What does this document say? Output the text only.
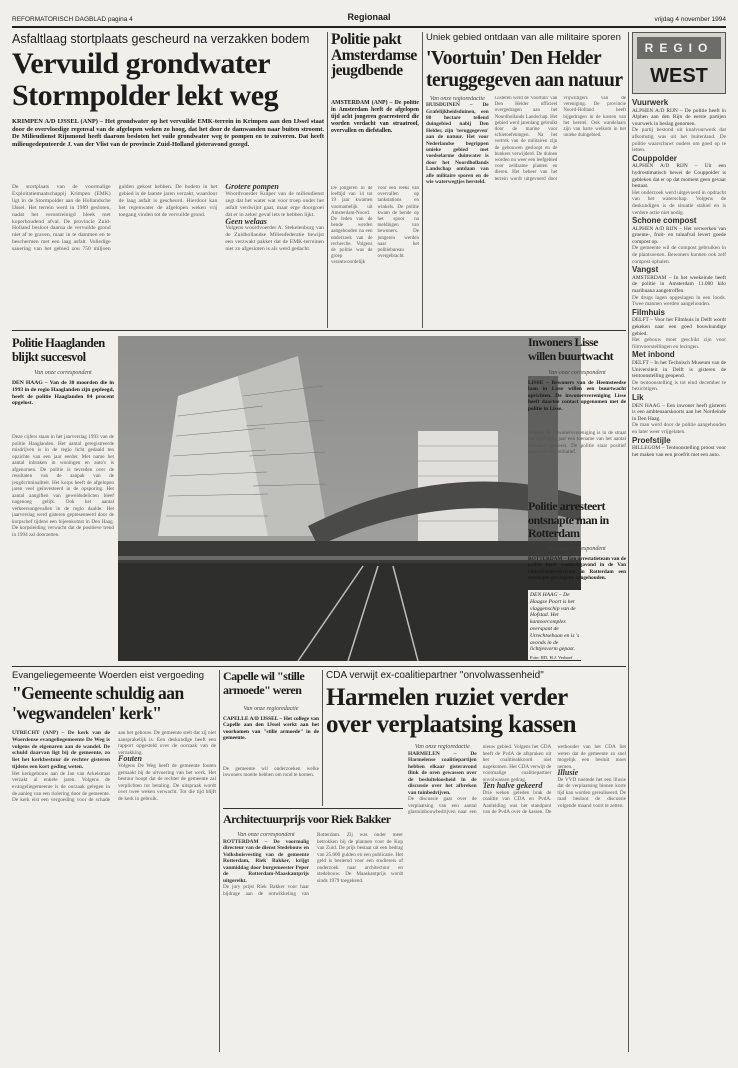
REFORMATORISCH DAGBLAD pagina 4	Regionaal	vrijdag 4 november 1994
Asfaltlaag stortplaats gescheurd na verzakken bodem
Vervuild grondwater
Stormpolder lekt weg
KRIMPEN A/D IJSSEL (ANP) – Het grondwater op het vervuilde EMK-terrein in Krimpen aan den IJssel staat door de overvloedige regenval van de afgelopen weken zo hoog, dat het door de damwanden naar buiten stroomt. De Milieudienst Rijnmond heeft daarom besloten het vuile grondwater weg te pompen en te zuiveren. Dat heeft milieugedeputeerde J. van der Vlist van de provincie Zuid-Holland gisteravond gezegd.
De stortplaats van de voormalige Exploitatiemaatschappij Krimpen (EMK) ligt in de Stormpolder aan de Hollandsche IJssel. Het terrein werd in 1989 gesloten, nadat het verontreinigd bleek met koperhoudend afval. De provincie Zuid-Holland besloot daarna de vervuilde grond niet af te graven, maar in te dammen en te beschermen met een laag asfalt. Volledige sanering van het gebied zou 750 miljoen gulden gekost hebben. De bodem in het gebied is de laatste jaren verzakt, waardoor de laag asfalt is gescheurd. Hierdoor kan het regenwater de afgelopen weken vrij toegang vinden tot de vervuilde grond.
Grotere pompen
Woordvoerder Kuiper van de milieudienst zegt dat het water wat voor troep onder het asfalt verdwijnt gaat, maar erge doorgroei dat er in zeker geval iets te hebben lijkt.
Geen welaas
Volgens woordvoerder A. Stekelenburg van de Zuidhollandse Milieufederatie bewijst een verzwakt pakket dat de EMK-terreinen niet zo afgesloten is als werd gedacht.
Politie pakt Amsterdamse jeugdbende
AMSTERDAM (ANP) – De politie in Amsterdam heeft de afgelopen tijd acht jongeren gearresteerd die worden verdacht van straatroof, overvallen en diefstallen.
De jongeren in de leeftijd van 14 tot 19 jaar kwamen voornamelijk uit Amsterdam-Noord. De leden van de bende werden aangehouden na een onderzoek van de recherche. Volgens de politie was de groep verantwoordelijk voor een reeks van overvallen op tankstations en winkels. De politie kwam de bende op het spoor na meldingen van bewoners. De jongeren werden naar het politiebureau overgebracht.
Uniek gebied ontdaan van alle militaire sporen
'Voortuin' Den Helder
teruggegeven aan natuur
Van onze regioredactie
HUISDUINEN – De Grafelijkheidsduinen, een 80 hectare tellend duingebied nabij Den Helder, zijn 'teruggegeven' aan de natuur. Het voor Nederlandse begrippen unieke gebied met voedselarme duinwater is door het Noordhollands Landschap ontdaan van alle militaire sporen en de wie waterwegtjes hersteld.
Gisteren werd de 'voortuin' van Den Helder officieel overgedragen aan het Noordhollands Landschap. Het gebied werd jarenlang gebruikt door de marine voor schietoefeningen. Na het vertrek van de militairen zijn de gebouwen gesloopt en de bunkers verwijderd. De duinen worden nu weer een leefgebied voor zeldzame planten en dieren. Het beheer van het terrein wordt uitgevoerd door vrijwilligers van de vereniging. De provincie Noord-Holland heeft bijgedragen in de kosten van het herstel. Ook wandelaars zijn van harte welkom in het unieke duingebied.
REGIO
WEST
Vuurwerk
ALPHEN A/D RIJN – De politie heeft in Alphen aan den Rijn de eerste partijen vuurwerk in beslag genomen.
De partij bestond uit knalvuurwerk dat afkomstig was uit het buitenland. De politie waarschuwt ouders om goed op te letten.
Couppolder
ALPHEN A/D RIJN – Uit een hydrostimatisch bewei de Couppolder is gebleken dat er op dat moment geen gevaar bestaat.
Het onderzoek werd uitgevoerd in opdracht van het waterschap. Volgens de deskundigen is de situatie stabiel en is verdere actie niet nodig.
Schone compost
ALPHEN A/D RIJN – Het verwerken van groente-, fruit- en tuinafval levert goede compost op.
De gemeente wil de compost gebruiken in de plantsoenen. Bewoners kunnen ook zelf compost ophalen.
Vangst
AMSTERDAM – In het weekeinde heeft de politie in Amsterdam 11.000 kilo marihuana aangetroffen.
De drugs lagen opgeslagen in een loods. Twee mannen werden aangehouden.
Filmhuis
DELFT – Voor het Filmhuis in Delft wordt gekeken naar een goed bouwkundige gebied.
Het gebouw moet geschikt zijn voor filmvoorstellingen en lezingen.
Met inbond
DELFT – In het Technisch Museum van de Universiteit in Delft is gisteren de tentoonstelling geopend.
De tentoonstelling is tot eind december te bezichtigen.
Lik
DEN HAAG – Een inwoner heeft gisteren is een ambtenaarskoorts aan het Nordeinde in Den Haag.
De man werd door de politie aangehouden en later weer vrijgelaten.
Proefstijle
HILLEGOM – Tentoonstelling proost voor het maken van een proefrit met een auto.
Politie Haaglanden blijkt succesvol
Van onze correspondent
DEN HAAG – Van de 30 moorden die in 1993 in de regio Haaglanden zijn gepleegd, heeft de politie Haaglanden 84 procent opgelost.
Deze cijfers staan in het jaarverslag 1993 van de politie Haaglanden. Het aantal geregistreerde misdrijven is in de regio licht gedaald ten opzichte van een jaar eerder. Met name het aantal inbraken in woningen en auto's is afgenomen. De politie is tevreden over de resultaten van de aanpak van de jeugdcriminaliteit. Het korps heeft de afgelopen jaren veel geïnvesteerd in de opsporing. Het aantal aangiften van geweldsdelicten bleef nagenoeg gelijk. Ook het aantal verkeersongevallen in de regio daalde. Het jaarverslag werd gisteren gepresenteerd door de korpschef tijdens een bijeenkomst in Den Haag. De korpsleiding verwacht dat de positieve trend in 1994 zal doorzetten.
DEN HAAG – De Haagse Poort is het vlaggenschip van de Hofstad. Het kantoorcomplex overspant de Utrechtsebaan en is 's avonds in de lichtjesvorm gepast.
Foto: RD, H.J. Verhoef
Inwoners Lisse willen buurtwacht
Van onze correspondent
LISSE – Bewoners van de Heemsteedse laan in Lisse willen een buurtwacht oprichten. De inwonersvereniging Lisse heeft daartoe contact opgenomen met de politie in Lisse.
Volgens de bewonersvereniging is in de straat het afgelopen jaar een toename van het aantal inbraken geweest. De politie staat positief tegenover het initiatief.
Politie arresteert ontsnapte man in Rotterdam
Van onze correspondent
ROTTERDAM – Een arrestatieteam van de politie heeft woensdagavond in de Van Oldenbarneveltstraat in Rotterdam een ontsnapte gevangene aangehouden.
Evangeliegemeente Woerden eist vergoeding
"Gemeente schuldig aan
'wegwandelen' kerk"
UTRECHT (ANP) – De kerk van de Woerdense evangeliegemeente De Weg is volgens de eigenaren aan de wandel. De schuld daarvan ligt bij de gemeente, zo liet het kerkbestuur de rechter gisteren tijdens een kort geding weten.
Het kerkgebouw aan de Jan van Arkelstraat verzakt al enkele jaren. Volgens de evangeliegemeente is de oorzaak gelegen in de aanleg van een riolering door de gemeente. De kerk eist een vergoeding voor de schade aan het gebouw. De gemeente stelt dat zij niet aansprakelijk is. Een deskundige heeft een rapport opgesteld over de oorzaak van de verzakking.
Fouten
Volgens De Weg heeft de gemeente fouten gemaakt bij de uitvoering van het werk. Het bestuur hoopt dat de rechter de gemeente zal verplichten tot betaling. De uitspraak wordt over twee weken verwacht. Tot die tijd blijft de kerk in gebruik.
Capelle wil "stille armoede" weren
Van onze regioredactie
CAPELLE A/D IJSSEL – Het college van Capelle aan den IJssel werkt aan het voorkomen van "stille armoede" in de gemeente.
De gemeente wil onderzoeken welke inwoners moeite hebben om rond te komen.
Architectuurprijs voor Riek Bakker
Van onze correspondent
ROTTERDAM – De voormalig directeur van de dienst Stedebouw en Volkshuisvesting van de gemeente Rotterdam, Riek Bakker, krijgt vanmiddag door burgemeester Peper de Rotterdam-Maaskantprijs uitgereikt.
De jury prijst Riek Bakker voor haar bijdrage aan de ontwikkeling van Rotterdam. Zij was onder meer betrokken bij de plannen voor de Kop van Zuid. De prijs bestaat uit een bedrag van 25.000 gulden en een publicatie. Het geld is bestemd voor een studiereis of onderzoek naar architectuur en stedebouw. De Maaskantprijs wordt sinds 1979 toegekend.
CDA verwijt ex-coalitiepartner "onvolwassenheid"
Harmelen ruziet verder
over verplaatsing kassen
Van onze regioredactie
HARMELEN – De Harmelense coalitiepartijen hebben elkaar gisteravond flink de oren gewassen over de besluiteloosheid in de discussie over het afbreken van tuinbedrijven.
De discussie gaat over de verplaatsing van een aantal glastuinbouwbedrijven naar een nieuw gebied. Volgens het CDA heeft de PvdA de afspraken uit het coalitieakkoord niet nagekomen. Het CDA verwijt de voormalige coalitiepartner onvolwassen gedrag.
Ten halve gekeerd
Drie weken geleden brak de coalitie van CDA en PvdA. Aanleiding was het standpunt van de PvdA over de kassen. De wethouder van het CDA liet weten dat de gemeente zo snel mogelijk een besluit moet nemen.
Illusie
De VVD noemde het een illusie dat de verplaatsing binnen korte tijd kan worden gerealiseerd. De raad besloot de discussie volgende maand voort te zetten.
